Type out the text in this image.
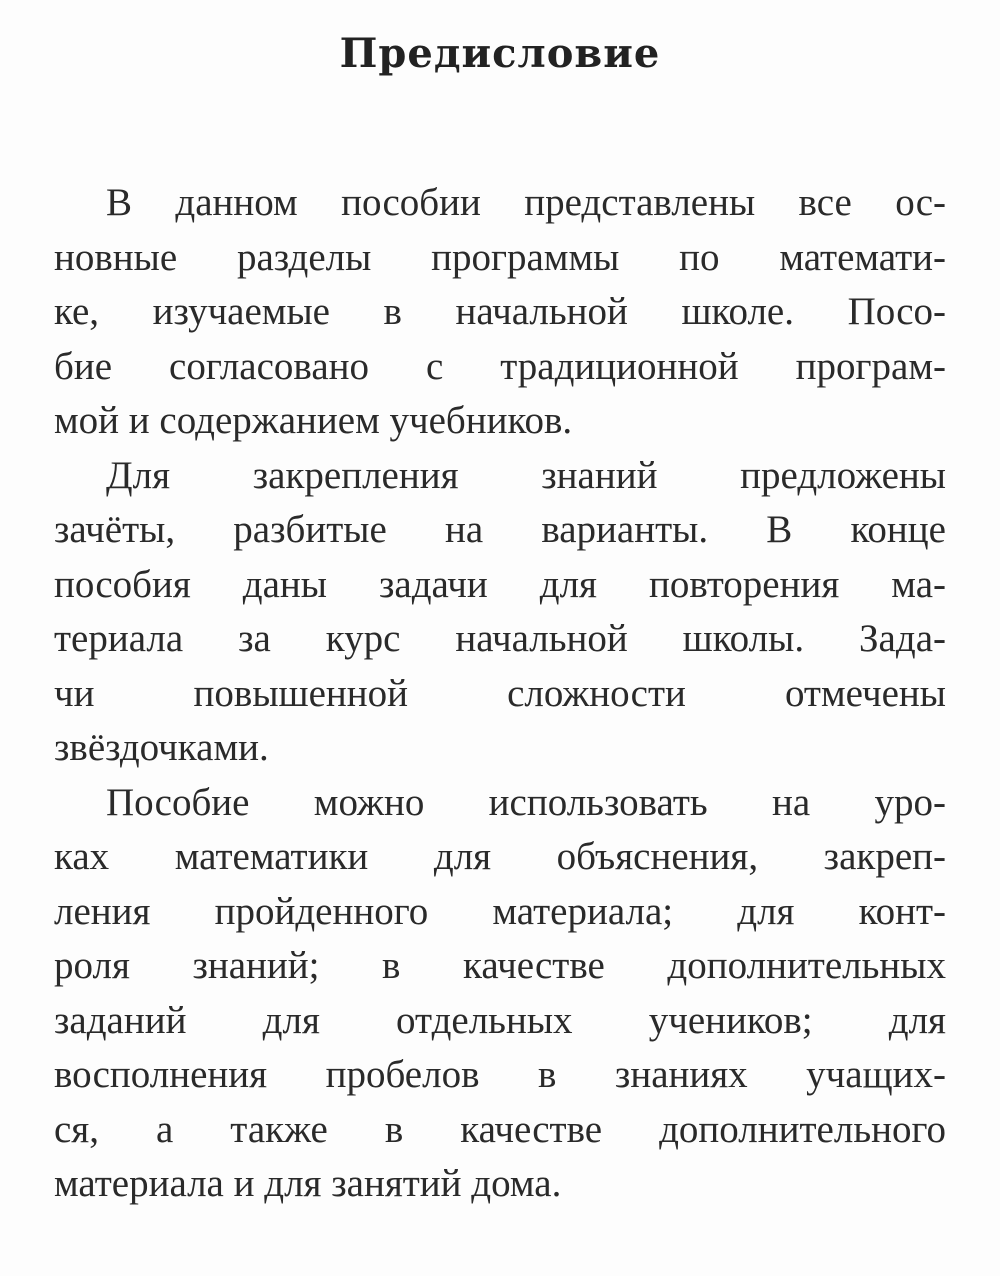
Предисловие
В данном пособии представлены все ос-
новные разделы программы по математи-
ке, изучаемые в начальной школе. Посо-
бие согласовано с традиционной програм-
мой и содержанием учебников.
Для закрепления знаний предложены
зачёты, разбитые на варианты. В конце
пособия даны задачи для повторения ма-
териала за курс начальной школы. Зада-
чи повышенной сложности отмечены
звёздочками.
Пособие можно использовать на уро-
ках математики для объяснения, закреп-
ления пройденного материала; для конт-
роля знаний; в качестве дополнительных
заданий для отдельных учеников; для
восполнения пробелов в знаниях учащих-
ся, а также в качестве дополнительного
материала и для занятий дома.
